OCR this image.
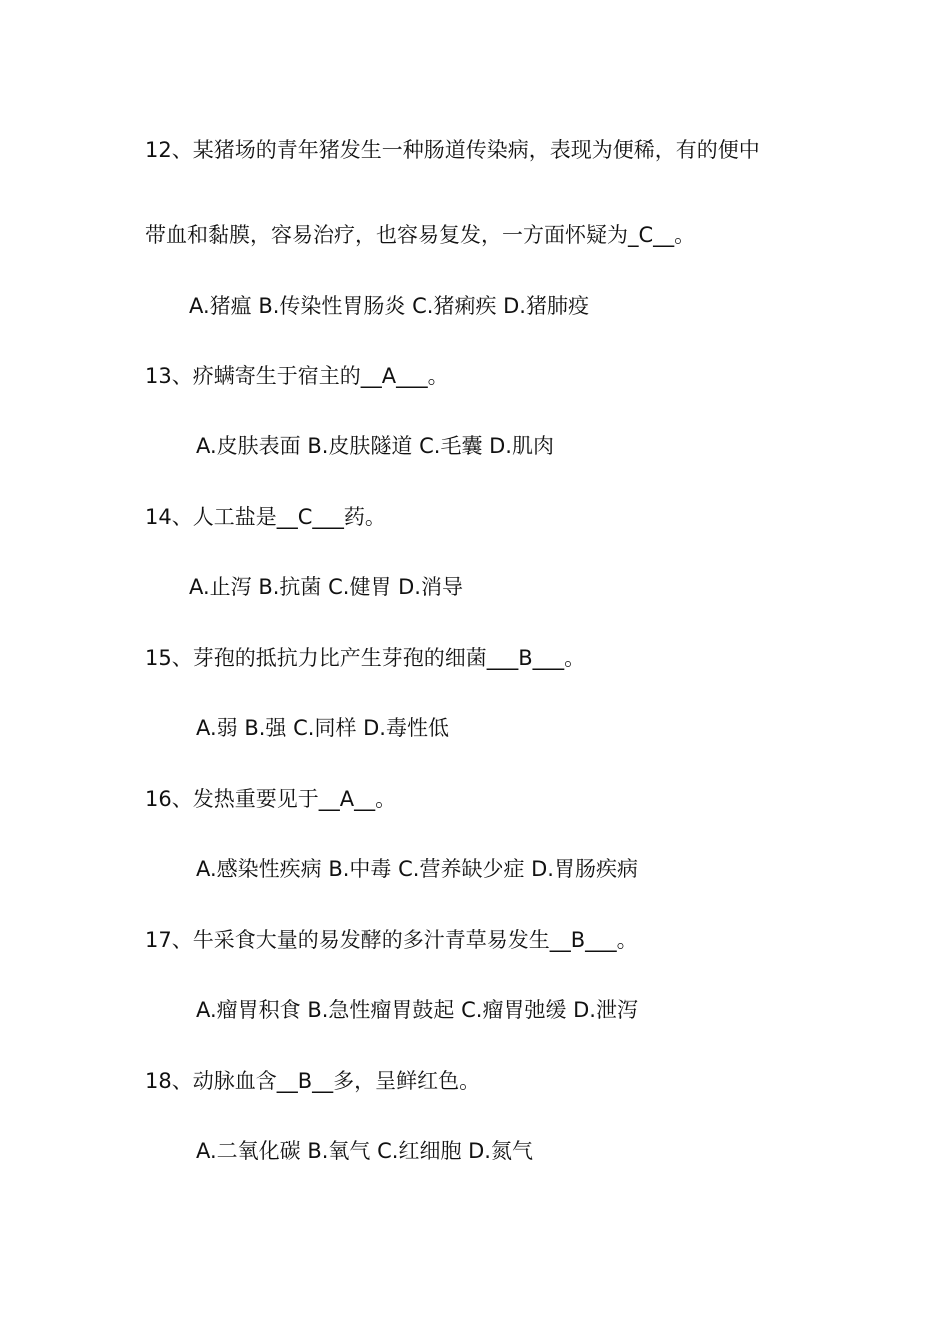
12、某猪场的青年猪发生一种肠道传染病，表现为便稀，有的便中
带血和黏膜，容易治疗，也容易复发，一方面怀疑为_C__。
A.猪瘟 B.传染性胃肠炎 C.猪痢疾 D.猪肺疫
13、疥螨寄生于宿主的__A___。
A.皮肤表面 B.皮肤隧道 C.毛囊 D.肌肉
14、人工盐是__C___药。
A.止泻 B.抗菌 C.健胃 D.消导
15、芽孢的抵抗力比产生芽孢的细菌___B___。
A.弱 B.强 C.同样 D.毒性低
16、发热重要见于__A__。
A.感染性疾病 B.中毒 C.营养缺少症 D.胃肠疾病
17、牛采食大量的易发酵的多汁青草易发生__B___。
A.瘤胃积食 B.急性瘤胃鼓起 C.瘤胃弛缓 D.泄泻
18、动脉血含__B__多，呈鲜红色。
A.二氧化碳 B.氧气 C.红细胞 D.氮气
